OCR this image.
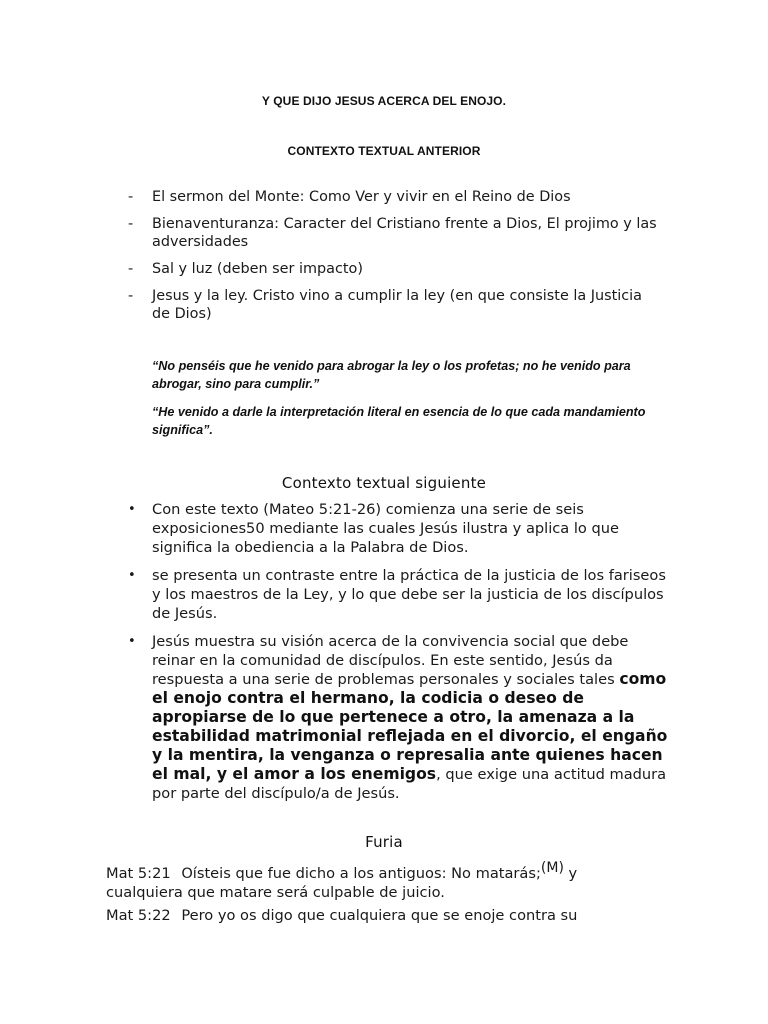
Y QUE DIJO JESUS ACERCA DEL ENOJO.
CONTEXTO TEXTUAL ANTERIOR
- El sermon del Monte: Como Ver y vivir en el Reino de Dios
- Bienaventuranza: Caracter del Cristiano frente a Dios, El projimo y las adversidades
- Sal y luz (deben ser impacto)
- Jesus y la ley. Cristo vino a cumplir la ley (en que consiste la Justicia de Dios)

“No penséis que he venido para abrogar la ley o los profetas; no he venido para abrogar, sino para cumplir.”

“He venido a darle la interpretación literal en esencia de lo que cada mandamiento significa”.

Contexto textual siguiente
• Con este texto (Mateo 5:21-26) comienza una serie de seis exposiciones50 mediante las cuales Jesús ilustra y aplica lo que significa la obediencia a la Palabra de Dios.
• se presenta un contraste entre la práctica de la justicia de los fariseos y los maestros de la Ley, y lo que debe ser la justicia de los discípulos de Jesús.
• Jesús muestra su visión acerca de la convivencia social que debe reinar en la comunidad de discípulos. En este sentido, Jesús da respuesta a una serie de problemas personales y sociales tales como el enojo contra el hermano, la codicia o deseo de apropiarse de lo que pertenece a otro, la amenaza a la estabilidad matrimonial reflejada en el divorcio, el engaño y la mentira, la venganza o represalia ante quienes hacen el mal, y el amor a los enemigos, que exige una actitud madura por parte del discípulo/a de Jesús.
Furia

Mat 5:21 Oísteis que fue dicho a los antiguos: No matarás;$^{(M)}$ y cualquiera que matare será culpable de juicio.

Mat 5:22 Pero yo os digo que cualquiera que se enoje contra su
